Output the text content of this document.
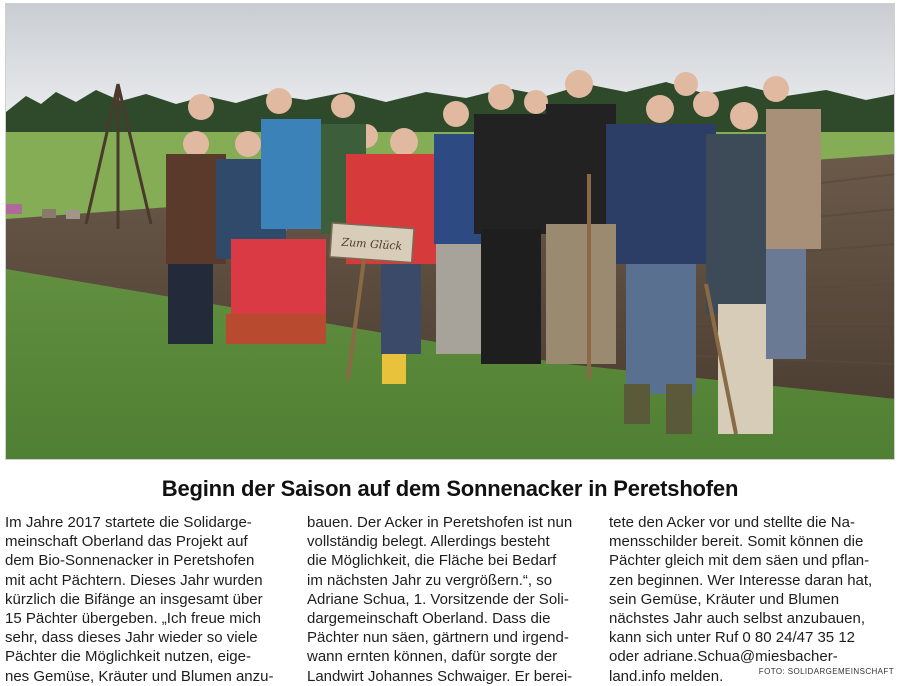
Zum Glück
Beginn der Saison auf dem Sonnenacker in Peretshofen
Im Jahre 2017 startete die Solidarge-
meinschaft Oberland das Projekt auf
dem Bio-Sonnenacker in Peretshofen
mit acht Pächtern. Dieses Jahr wurden
kürzlich die Bifänge an insgesamt über
15 Pächter übergeben. „Ich freue mich
sehr, dass dieses Jahr wieder so viele
Pächter die Möglichkeit nutzen, eige-
nes Gemüse, Kräuter und Blumen anzu-
bauen. Der Acker in Peretshofen ist nun
vollständig belegt. Allerdings besteht
die Möglichkeit, die Fläche bei Bedarf
im nächsten Jahr zu vergrößern.“, so
Adriane Schua, 1. Vorsitzende der Soli-
dargemeinschaft Oberland. Dass die
Pächter nun säen, gärtnern und irgend-
wann ernten können, dafür sorgte der
Landwirt Johannes Schwaiger. Er berei-
tete den Acker vor und stellte die Na-
mensschilder bereit. Somit können die
Pächter gleich mit dem säen und pflan-
zen beginnen. Wer Interesse daran hat,
sein Gemüse, Kräuter und Blumen
nächstes Jahr auch selbst anzubauen,
kann sich unter Ruf 0 80 24/47 35 12
oder adriane.Schua@miesbacher-
land.info melden.	FOTO: SOLIDARGEMEINSCHAFT
